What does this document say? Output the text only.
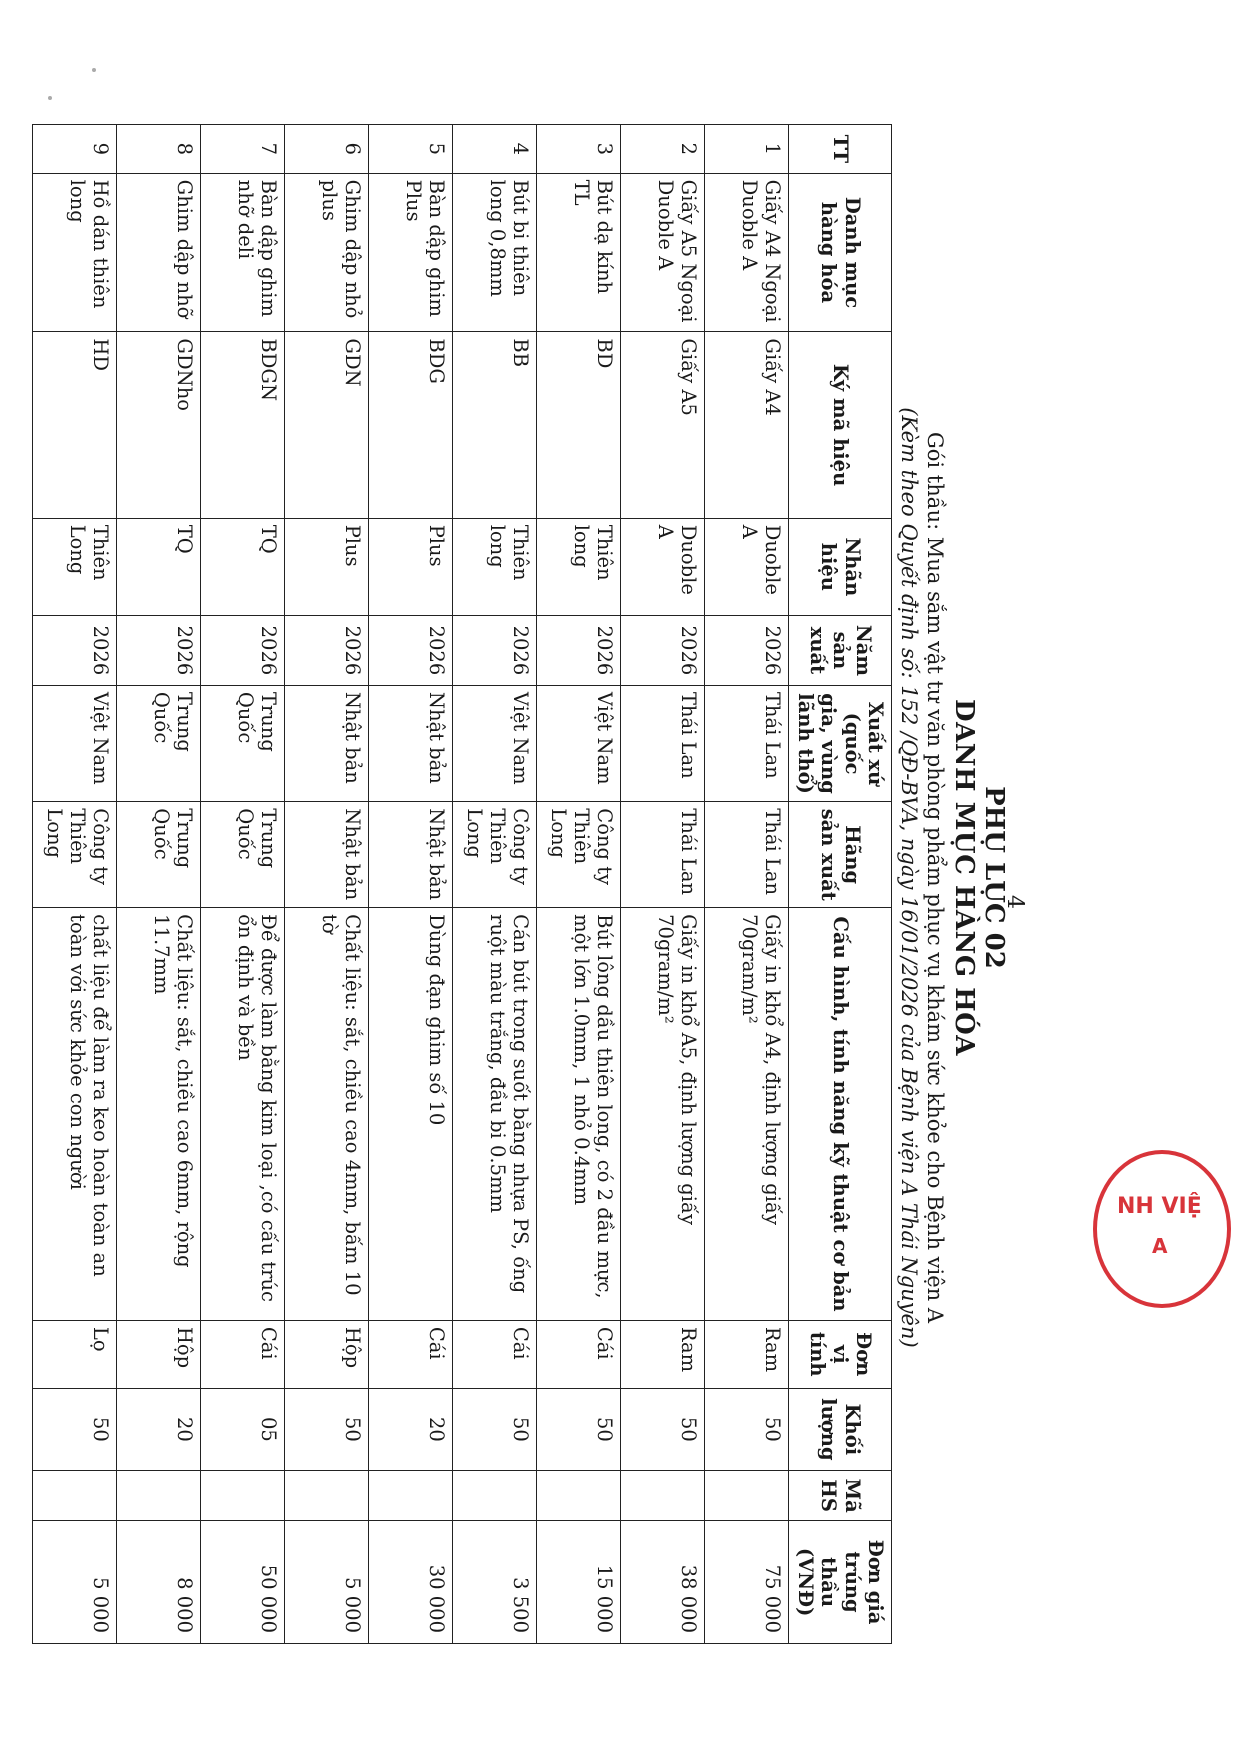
4
PHỤ LỤC 02
DANH MỤC HÀNG HÓA
Gói thầu: Mua sắm vật tư văn phòng phẩm phục vụ khám sức khỏe cho Bệnh viện A
(Kèm theo Quyết định số: 152 /QĐ-BVA, ngày 16/01/2026 của Bệnh viện A Thái Nguyên)
TT	Danh mục hàng hóa	Ký mã hiệu	Nhãn hiệu	Năm sản xuất	Xuất xứ (quốc gia, vùng lãnh thổ)	Hãng sản xuất	Cấu hình, tính năng kỹ thuật cơ bản	Đơn vị tính	Khối lượng	Mã HS	Đơn giá trúng thầu (VNĐ)
1	Giấy A4 Ngoại Duoble A	Giấy A4	Duoble A	2026	Thái Lan	Thái Lan	Giấy in khổ A4, định lượng giấy 70gram/m²	Ram	50		75 000
2	Giấy A5 Ngoại Duoble A	Giấy A5	Duoble A	2026	Thái Lan	Thái Lan	Giấy in khổ A5, định lượng giấy 70gram/m²	Ram	50		38 000
3	Bút dạ kính TL	BD	Thiên long	2026	Việt Nam	Công ty Thiên Long	Bút lông dầu thiên long, có 2 đầu mực, một lớn 1.0mm, 1 nhỏ 0.4mm	Cái	50		15 000
4	Bút bi thiên long 0,8mm	BB	Thiên long	2026	Việt Nam	Công ty Thiên Long	Cán bút trong suốt bằng nhựa PS, ống ruột màu trắng, đầu bi 0.5mm	Cái	50		3 500
5	Bàn dập ghim Plus	BDG	Plus	2026	Nhật bản	Nhật bản	Dùng đạn ghim số 10	Cái	20		30 000
6	Ghim dập nhỏ plus	GDN	Plus	2026	Nhật bản	Nhật bản	Chất liệu: sắt, chiều cao 4mm, bấm 10 tờ	Hộp	50		5 000
7	Bàn dập ghim nhỡ deli	BDGN	TQ	2026	Trung Quốc	Trung Quốc	Để được làm bằng kim loại ,có cấu trúc ổn định và bền	Cái	05		50 000
8	Ghim dập nhỡ	GDNho	TQ	2026	Trung Quốc	Trung Quốc	Chất liệu: sắt, chiều cao 6mm, rộng 11.7mm	Hộp	20		8 000
9	Hồ dán thiên long	HD	Thiên Long	2026	Việt Nam	Công ty Thiên Long	chất liệu để làm ra keo hoàn toàn an toàn với sức khỏe con người	Lọ	50		5 000
NH VIỆ
A
